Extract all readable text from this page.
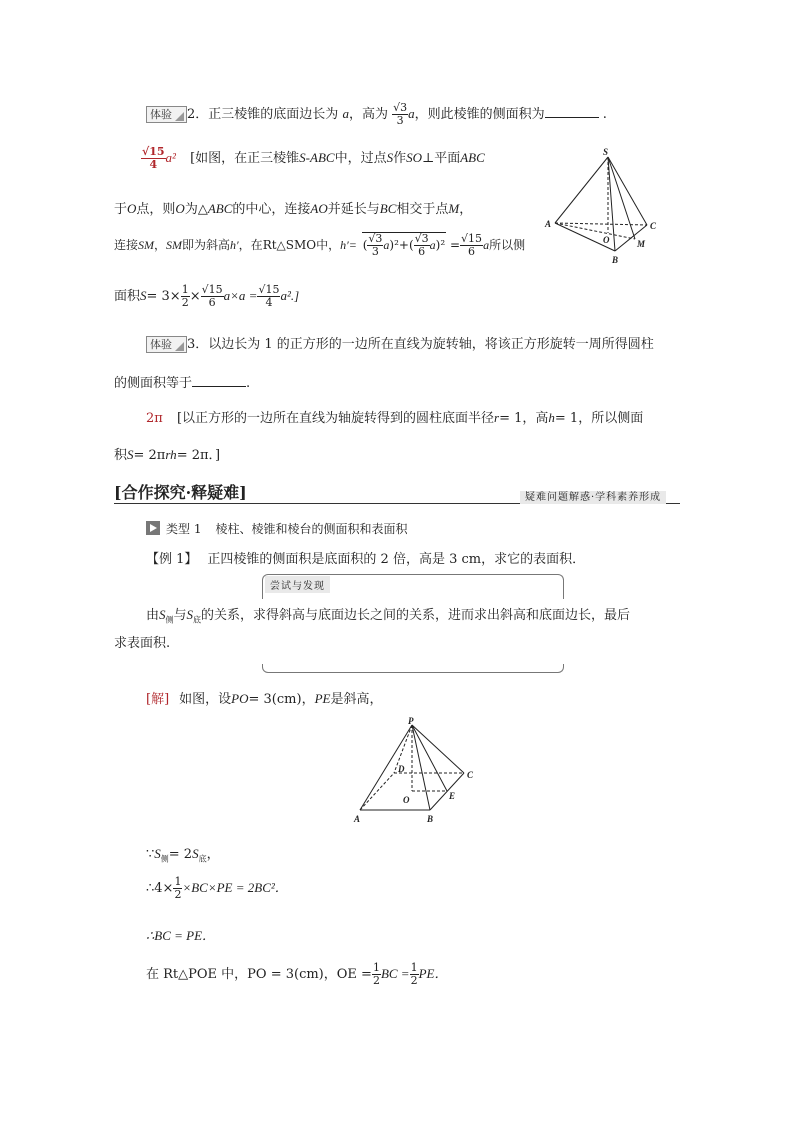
体验 2．正三棱锥的底面边长为 a，高为 $\frac{√3}{3}$ a，则此棱锥的侧面积为	.
$\frac{√15}{4} a^2$ [如图，在正三棱锥S-ABC中，过点S作SO⊥平面ABC
于O点，则O为△ABC的中心，连接AO并延长与BC相交于点M，
连接SM，SM即为斜高h′，在Rt△SMO中，h′= ( $\frac{√3}{3} a)^2+( \frac{√3}{6} a)^2 = \frac{√15}{6}$ a所以侧
面积$S= 3\times \frac{1}{2} \times \frac{√15}{6} a\times a = \frac{√15}{4} a^2$.]
S
A
B
C
O	M
体验 3．以边长为 1 的正方形的一边所在直线为旋转轴，将该正方形旋转一周所得圆柱
的侧面积等于	.
2π [以正方形的一边所在直线为轴旋转得到的圆柱底面半径r= 1，高h= 1，所以侧面
积S= 2πrh= 2π．]
[合作探究·释疑难]	疑难问题解惑·学科素养形成
类型 1 棱柱、棱锥和棱台的侧面积和表面积
【例 1】 正四棱锥的侧面积是底面积的 2 倍，高是 3 cm，求它的表面积．
尝试与发现
由$S_侧$与$S_底$的关系，求得斜高与底面边长之间的关系，进而求出斜高和底面边长，最后
求表面积.
[解] 如图，设PO= 3(cm)，PE是斜高，
P
A	B
C
D
O	E
$\because S_侧= 2S_底$，
∴4× $\frac{1}{2} \times BC\times PE = 2BC^2$．
∴BC = PE．
在 Rt△POE 中，PO = 3(cm)，OE = $\frac{1}{2}$ BC = $\frac{1}{2}$ PE．
